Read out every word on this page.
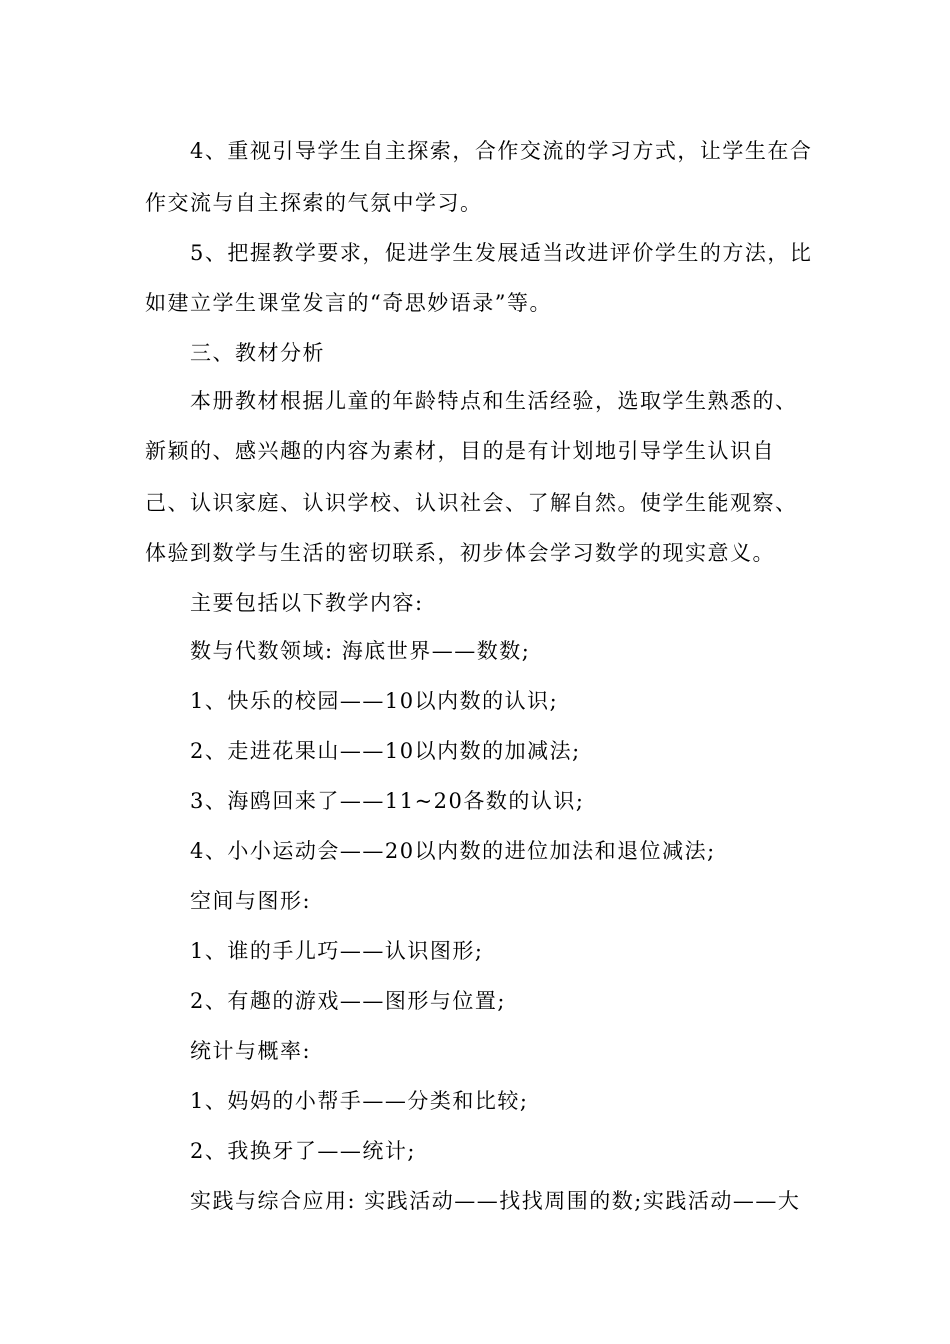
4、重视引导学生自主探索，合作交流的学习方式，让学生在合
作交流与自主探索的气氛中学习。
5、把握教学要求，促进学生发展适当改进评价学生的方法，比
如建立学生课堂发言的“奇思妙语录”等。
三、教材分析
本册教材根据儿童的年龄特点和生活经验，选取学生熟悉的、
新颖的、感兴趣的内容为素材，目的是有计划地引导学生认识自
己、认识家庭、认识学校、认识社会、了解自然。使学生能观察、
体验到数学与生活的密切联系，初步体会学习数学的现实意义。
主要包括以下教学内容:
数与代数领域: 海底世界——数数;
1、快乐的校园——10以内数的认识;
2、走进花果山——10以内数的加减法;
3、海鸥回来了——11~20各数的认识;
4、小小运动会——20以内数的进位加法和退位减法;
空间与图形:
1、谁的手儿巧——认识图形;
2、有趣的游戏——图形与位置;
统计与概率:
1、妈妈的小帮手——分类和比较;
2、我换牙了——统计;
实践与综合应用: 实践活动——找找周围的数;实践活动——大
